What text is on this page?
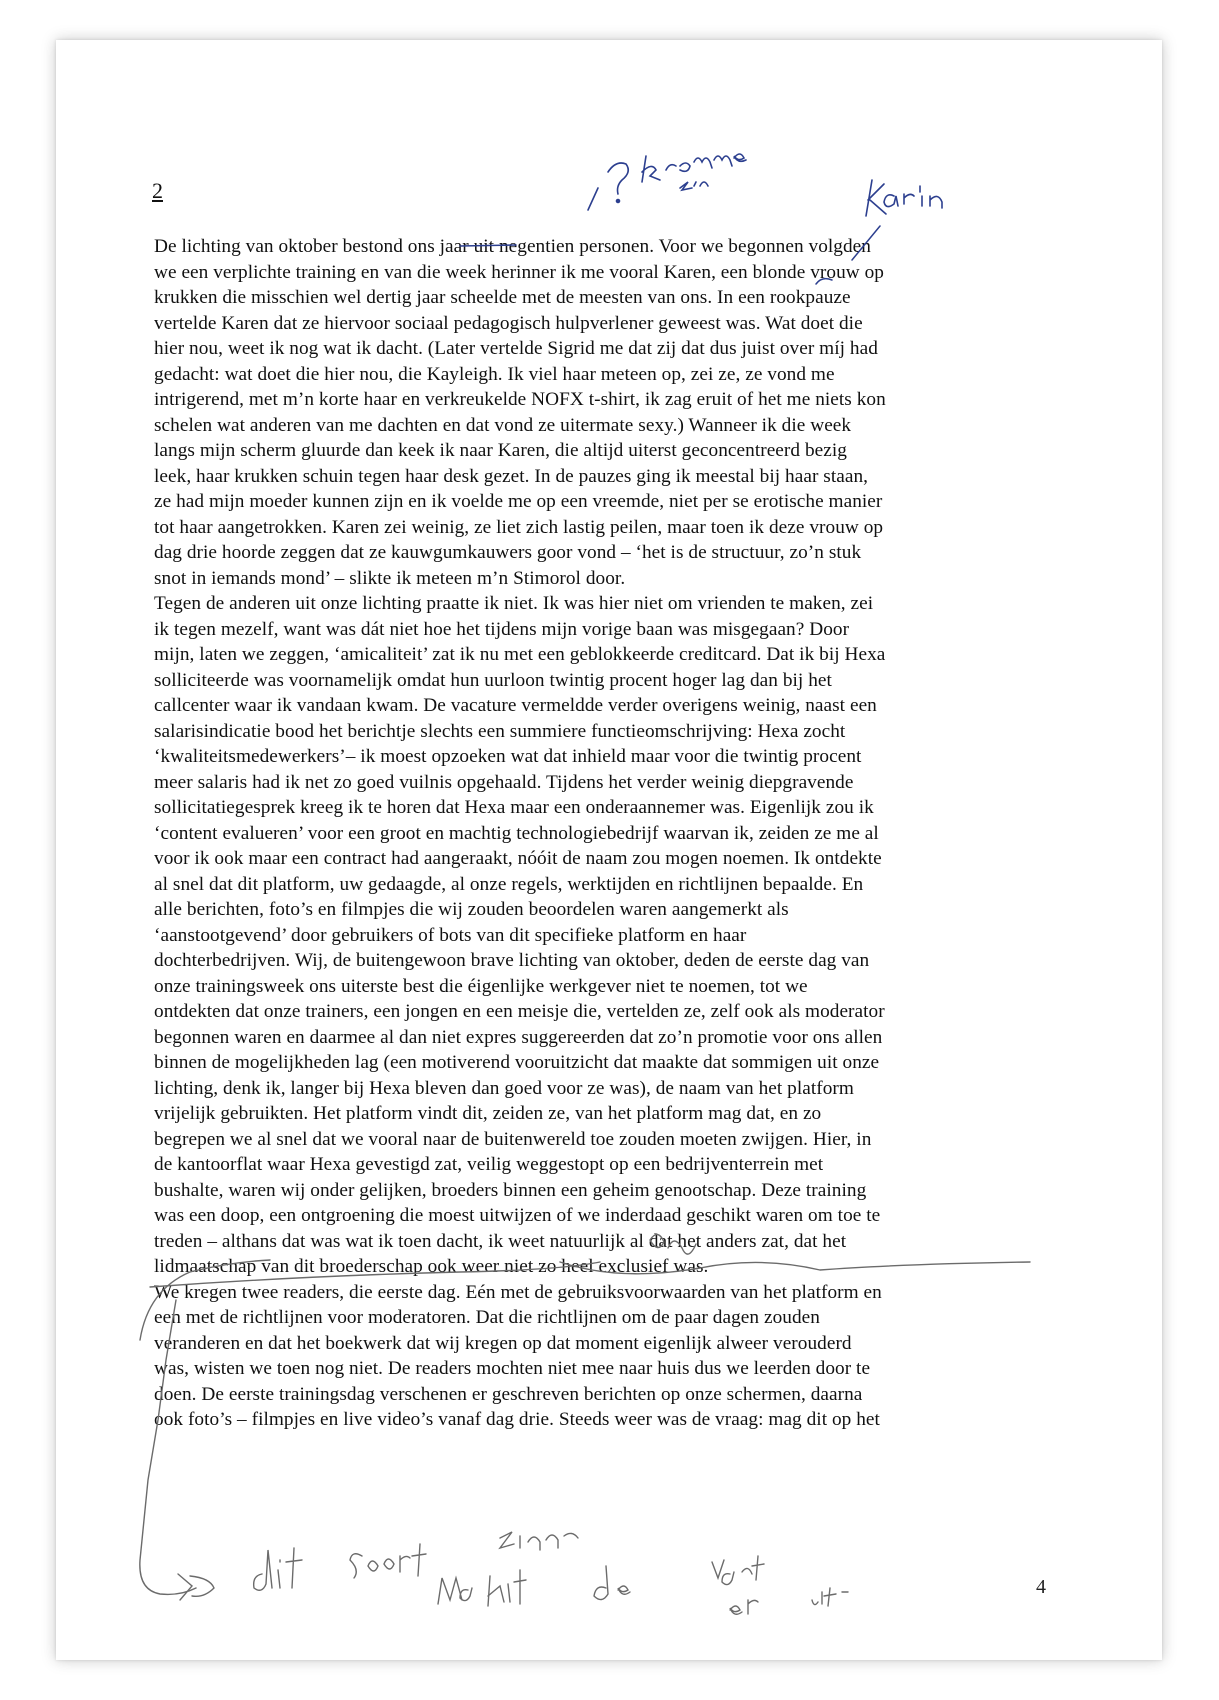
2
De lichting van oktober bestond ons jaar uit negentien personen. Voor we begonnen volgden
we een verplichte training en van die week herinner ik me vooral Karen, een blonde vrouw op
krukken die misschien wel dertig jaar scheelde met de meesten van ons. In een rookpauze
vertelde Karen dat ze hiervoor sociaal pedagogisch hulpverlener geweest was. Wat doet die
hier nou, weet ik nog wat ik dacht. (Later vertelde Sigrid me dat zij dat dus juist over míj had
gedacht: wat doet die hier nou, die Kayleigh. Ik viel haar meteen op, zei ze, ze vond me
intrigerend, met m’n korte haar en verkreukelde NOFX t-shirt, ik zag eruit of het me niets kon
schelen wat anderen van me dachten en dat vond ze uitermate sexy.) Wanneer ik die week
langs mijn scherm gluurde dan keek ik naar Karen, die altijd uiterst geconcentreerd bezig
leek, haar krukken schuin tegen haar desk gezet. In de pauzes ging ik meestal bij haar staan,
ze had mijn moeder kunnen zijn en ik voelde me op een vreemde, niet per se erotische manier
tot haar aangetrokken. Karen zei weinig, ze liet zich lastig peilen, maar toen ik deze vrouw op
dag drie hoorde zeggen dat ze kauwgumkauwers goor vond – ‘het is de structuur, zo’n stuk
snot in iemands mond’ – slikte ik meteen m’n Stimorol door.
Tegen de anderen uit onze lichting praatte ik niet. Ik was hier niet om vrienden te maken, zei
ik tegen mezelf, want was dát niet hoe het tijdens mijn vorige baan was misgegaan? Door
mijn, laten we zeggen, ‘amicaliteit’ zat ik nu met een geblokkeerde creditcard. Dat ik bij Hexa
solliciteerde was voornamelijk omdat hun uurloon twintig procent hoger lag dan bij het
callcenter waar ik vandaan kwam. De vacature vermeldde verder overigens weinig, naast een
salarisindicatie bood het berichtje slechts een summiere functieomschrijving: Hexa zocht
‘kwaliteitsmedewerkers’– ik moest opzoeken wat dat inhield maar voor die twintig procent
meer salaris had ik net zo goed vuilnis opgehaald. Tijdens het verder weinig diepgravende
sollicitatiegesprek kreeg ik te horen dat Hexa maar een onderaannemer was. Eigenlijk zou ik
‘content evalueren’ voor een groot en machtig technologiebedrijf waarvan ik, zeiden ze me al
voor ik ook maar een contract had aangeraakt, nóóit de naam zou mogen noemen. Ik ontdekte
al snel dat dit platform, uw gedaagde, al onze regels, werktijden en richtlijnen bepaalde. En
alle berichten, foto’s en filmpjes die wij zouden beoordelen waren aangemerkt als
‘aanstootgevend’ door gebruikers of bots van dit specifieke platform en haar
dochterbedrijven. Wij, de buitengewoon brave lichting van oktober, deden de eerste dag van
onze trainingsweek ons uiterste best die éigenlijke werkgever niet te noemen, tot we
ontdekten dat onze trainers, een jongen en een meisje die, vertelden ze, zelf ook als moderator
begonnen waren en daarmee al dan niet expres suggereerden dat zo’n promotie voor ons allen
binnen de mogelijkheden lag (een motiverend vooruitzicht dat maakte dat sommigen uit onze
lichting, denk ik, langer bij Hexa bleven dan goed voor ze was), de naam van het platform
vrijelijk gebruikten. Het platform vindt dit, zeiden ze, van het platform mag dat, en zo
begrepen we al snel dat we vooral naar de buitenwereld toe zouden moeten zwijgen. Hier, in
de kantoorflat waar Hexa gevestigd zat, veilig weggestopt op een bedrijventerrein met
bushalte, waren wij onder gelijken, broeders binnen een geheim genootschap. Deze training
was een doop, een ontgroening die moest uitwijzen of we inderdaad geschikt waren om toe te
treden – althans dat was wat ik toen dacht, ik weet natuurlijk al dat het anders zat, dat het
lidmaatschap van dit broederschap ook weer niet zo heel exclusief was.
We kregen twee readers, die eerste dag. Eén met de gebruiksvoorwaarden van het platform en
een met de richtlijnen voor moderatoren. Dat die richtlijnen om de paar dagen zouden
veranderen en dat het boekwerk dat wij kregen op dat moment eigenlijk alweer verouderd
was, wisten we toen nog niet. De readers mochten niet mee naar huis dus we leerden door te
doen. De eerste trainingsdag verschenen er geschreven berichten op onze schermen, daarna
ook foto’s – filmpjes en live video’s vanaf dag drie. Steeds weer was de vraag: mag dit op het
4
